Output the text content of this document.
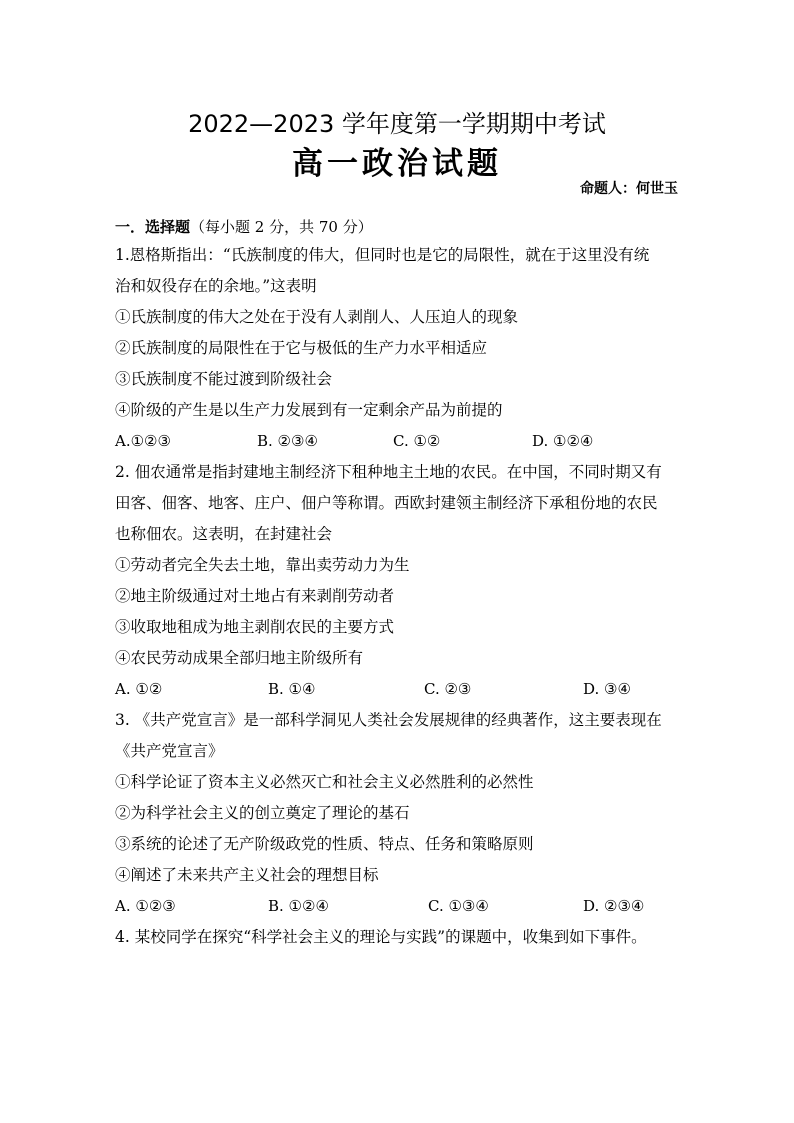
2022—2023 学年度第一学期期中考试
高一政治试题
命题人：何世玉
一．选择题（每小题 2 分，共 70 分）
1.恩格斯指出：“氏族制度的伟大，但同时也是它的局限性，就在于这里没有统
治和奴役存在的余地。”这表明
①氏族制度的伟大之处在于没有人剥削人、人压迫人的现象
②氏族制度的局限性在于它与极低的生产力水平相适应
③氏族制度不能过渡到阶级社会
④阶级的产生是以生产力发展到有一定剩余产品为前提的
A.①②③	B. ②③④	C. ①②	D. ①②④
2. 佃农通常是指封建地主制经济下租种地主土地的农民。在中国，不同时期又有
田客、佃客、地客、庄户、佃户等称谓。西欧封建领主制经济下承租份地的农民
也称佃农。这表明，在封建社会
①劳动者完全失去土地，靠出卖劳动力为生
②地主阶级通过对土地占有来剥削劳动者
③收取地租成为地主剥削农民的主要方式
④农民劳动成果全部归地主阶级所有
A. ①②	B. ①④	C. ②③	D. ③④
3. 《共产党宣言》是一部科学洞见人类社会发展规律的经典著作，这主要表现在
《共产党宣言》
①科学论证了资本主义必然灭亡和社会主义必然胜利的必然性
②为科学社会主义的创立奠定了理论的基石
③系统的论述了无产阶级政党的性质、特点、任务和策略原则
④阐述了未来共产主义社会的理想目标
A. ①②③	B. ①②④	C. ①③④	D. ②③④
4. 某校同学在探究“科学社会主义的理论与实践”的课题中，收集到如下事件。
